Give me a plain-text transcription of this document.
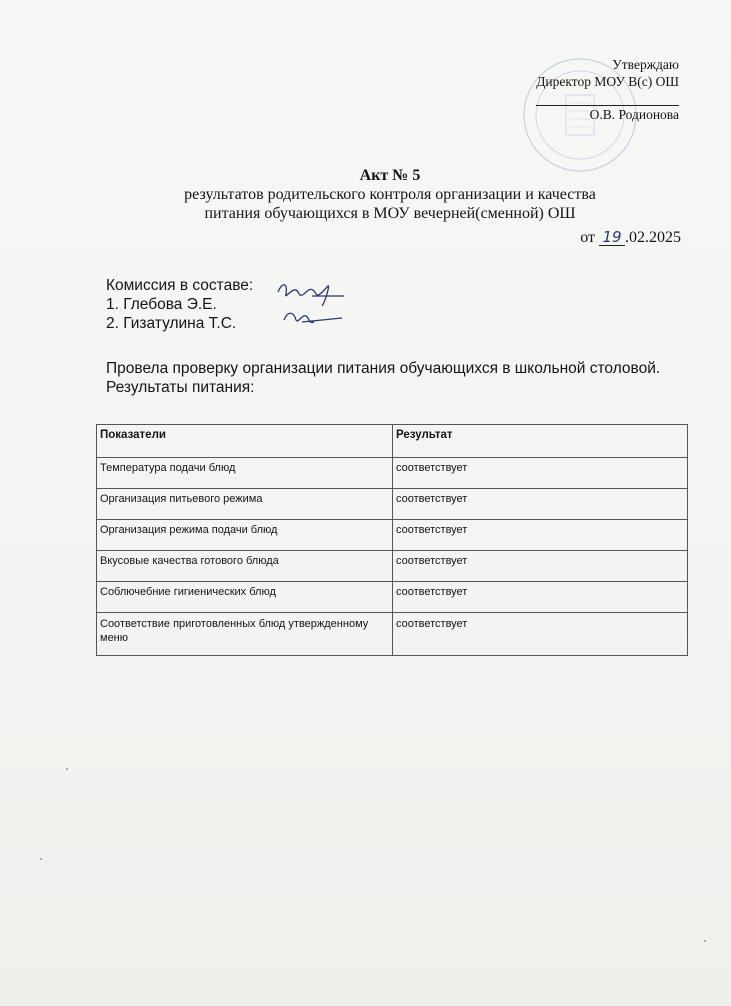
Утверждаю
Директор МОУ В(с) ОШ
О.В. Родионова
Акт № 5
результатов родительского контроля организации и качества
питания обучающихся в МОУ вечерней(сменной) ОШ
от 19 .02.2025
Комиссия в составе:
1. Глебова Э.Е.
2. Гизатулина Т.С.
Провела проверку организации питания обучающихся в школьной столовой.
Результаты питания:
Показатели	Результат
Температура подачи блюд	соответствует
Организация питьевого режима	соответствует
Организация режима подачи блюд	соответствует
Вкусовые качества готового блюда	соответствует
Соблючебние гигиенических блюд	соответствует
Соответствие приготовленных блюд утвержденному меню	соответствует
